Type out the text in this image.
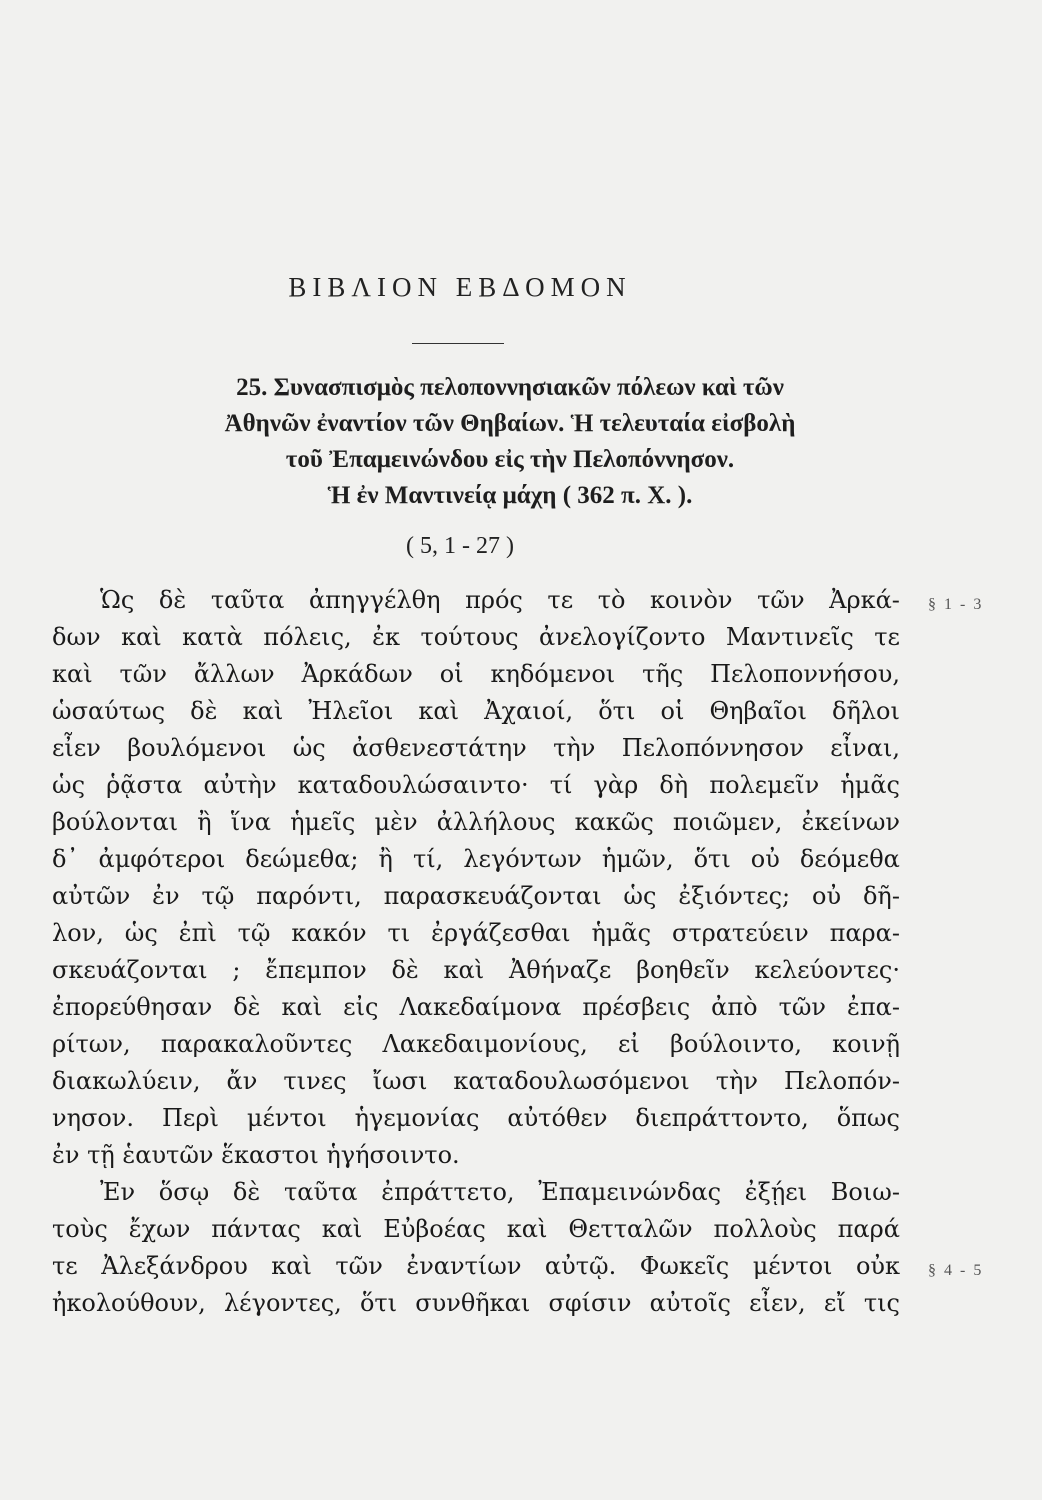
ΒΙΒΛΙΟΝ ΕΒΔΟΜΟΝ
25. Συνασπισμὸς πελοποννησιακῶν πόλεων καὶ τῶν
Ἀθηνῶν ἐναντίον τῶν Θηβαίων. Ἡ τελευταία εἰσβολὴ
τοῦ Ἐπαμεινώνδου εἰς τὴν Πελοπόννησον.
Ἡ ἐν Μαντινείᾳ μάχη ( 362 π. Χ. ).
( 5, 1 - 27 )
Ὡς δὲ ταῦτα ἀπηγγέλθη πρός τε τὸ κοινὸν τῶν Ἀρκά-
δων καὶ κατὰ πόλεις, ἐκ τούτους ἀνελογίζοντο Μαντινεῖς τε
καὶ τῶν ἄλλων Ἀρκάδων οἱ κηδόμενοι τῆς Πελοποννήσου,
ὡσαύτως δὲ καὶ Ἠλεῖοι καὶ Ἀχαιοί, ὅτι οἱ Θηβαῖοι δῆλοι
εἶεν βουλόμενοι ὡς ἀσθενεστάτην τὴν Πελοπόννησον εἶναι,
ὡς ῥᾷστα αὐτὴν καταδουλώσαιντο· τί γὰρ δὴ πολεμεῖν ἡμᾶς
βούλονται ἢ ἵνα ἡμεῖς μὲν ἀλλήλους κακῶς ποιῶμεν, ἐκείνων
δ᾽ ἀμφότεροι δεώμεθα; ἢ τί, λεγόντων ἡμῶν, ὅτι οὐ δεόμεθα
αὐτῶν ἐν τῷ παρόντι, παρασκευάζονται ὡς ἐξιόντες; οὐ δῆ-
λον, ὡς ἐπὶ τῷ κακόν τι ἐργάζεσθαι ἡμᾶς στρατεύειν παρα-
σκευάζονται ; ἔπεμπον δὲ καὶ Ἀθήναζε βοηθεῖν κελεύοντες·
ἐπορεύθησαν δὲ καὶ εἰς Λακεδαίμονα πρέσβεις ἀπὸ τῶν ἐπα-
ρίτων, παρακαλοῦντες Λακεδαιμονίους, εἰ βούλοιντο, κοινῇ
διακωλύειν, ἄν τινες ἴωσι καταδουλωσόμενοι τὴν Πελοπόν-
νησον. Περὶ μέντοι ἡγεμονίας αὐτόθεν διεπράττοντο, ὅπως
ἐν τῇ ἑαυτῶν ἕκαστοι ἡγήσοιντο.
Ἐν ὅσῳ δὲ ταῦτα ἐπράττετο, Ἐπαμεινώνδας ἐξῄει Βοιω-
τοὺς ἔχων πάντας καὶ Εὐβοέας καὶ Θετταλῶν πολλοὺς παρά
τε Ἀλεξάνδρου καὶ τῶν ἐναντίων αὐτῷ. Φωκεῖς μέντοι οὐκ
ἠκολούθουν, λέγοντες, ὅτι συνθῆκαι σφίσιν αὐτοῖς εἶεν, εἴ τις
§ 1 - 3
§ 4 - 5
